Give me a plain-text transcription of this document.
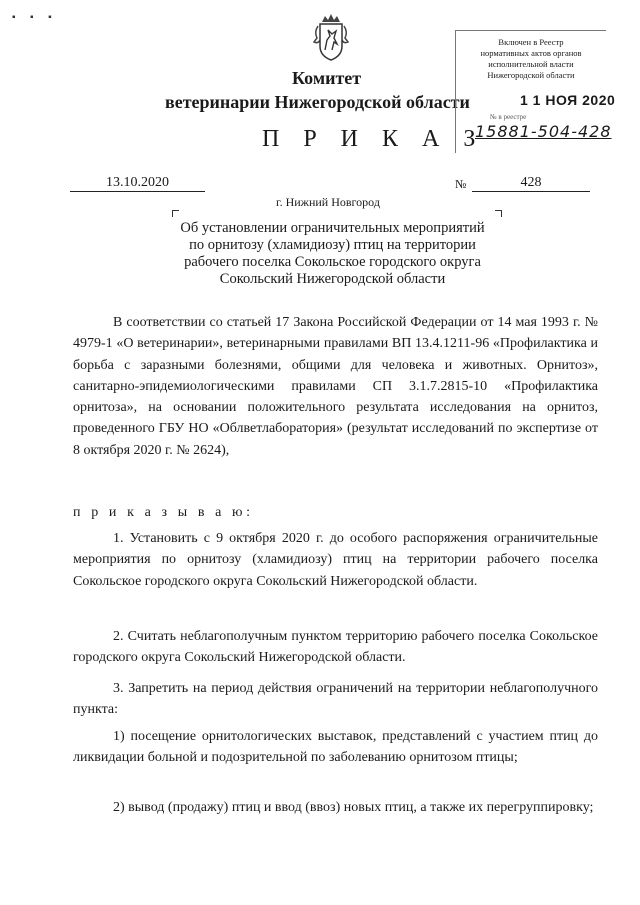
▪ ▪ ▪
Комитет
ветеринарии Нижегородской области
Включен в Реестр
нормативных актов органов
исполнительной власти
Нижегородской области
1 1 НОЯ 2020
№ в реестре
15881-504-428
П Р И К А З
13.10.2020
г. Нижний Новгород
№	428
Об установлении ограничительных мероприятий
по орнитозу (хламидиозу) птиц на территории
рабочего поселка Сокольское городского округа
Сокольский Нижегородской области
В соответствии со статьей 17 Закона Российской Федерации от 14 мая 1993 г. № 4979-1 «О ветеринарии», ветеринарными правилами ВП 13.4.1211-96 «Профилактика и борьба с заразными болезнями, общими для человека и животных. Орнитоз», санитарно-эпидемиологическими правилами СП 3.1.7.2815-10 «Профилактика орнитоза», на основании положительного результата исследования на орнитоз, проведенного ГБУ НО «Облветлаборатория» (результат исследований по экспертизе от 8 октября 2020 г. № 2624),
п р и к а з ы в а ю:
1. Установить с 9 октября 2020 г. до особого распоряжения ограничительные мероприятия по орнитозу (хламидиозу) птиц на территории рабочего поселка Сокольское городского округа Сокольский Нижегородской области.
2. Считать неблагополучным пунктом территорию рабочего поселка Сокольское городского округа Сокольский Нижегородской области.
3. Запретить на период действия ограничений на территории неблагополучного пункта:
1) посещение орнитологических выставок, представлений с участием птиц до ликвидации больной и подозрительной по заболеванию орнитозом птицы;
2) вывод (продажу) птиц и ввод (ввоз) новых птиц, а также их перегруппировку;
